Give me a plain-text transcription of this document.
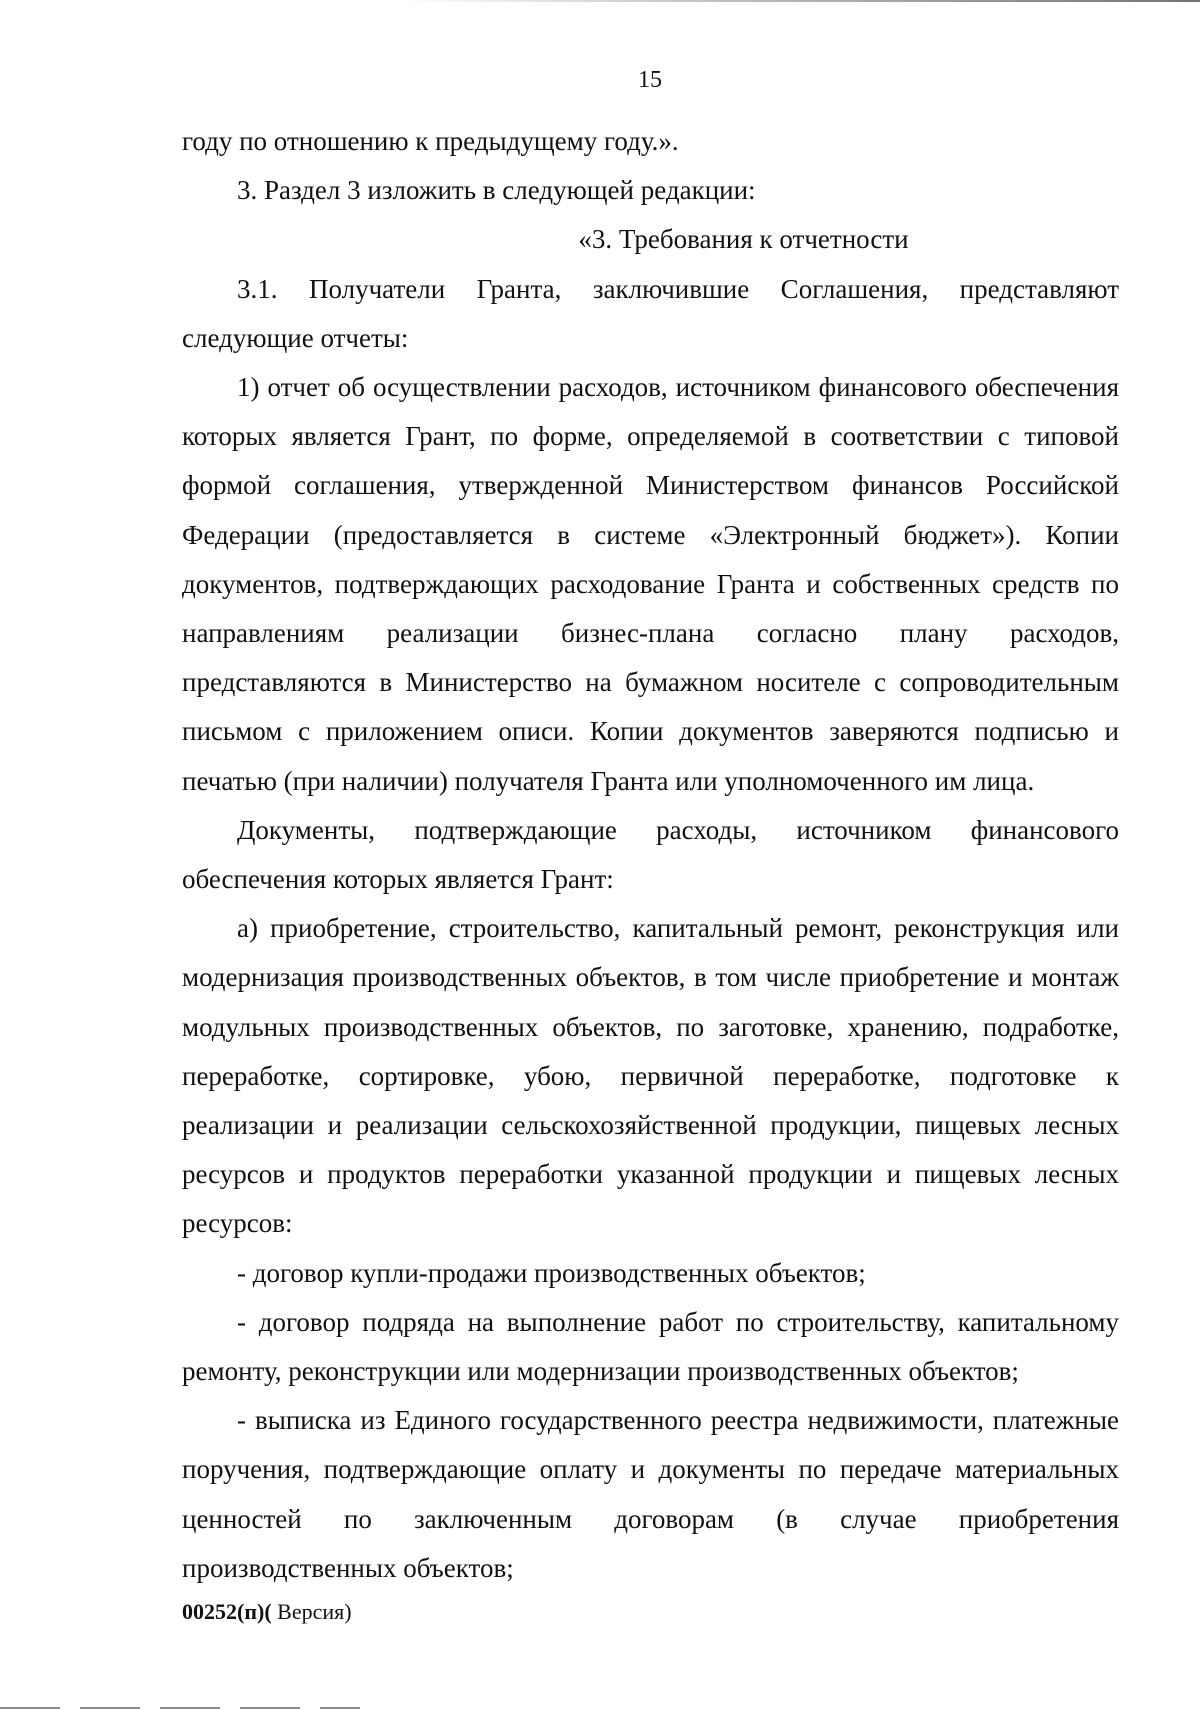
15

году по отношению к предыдущему году.».

3. Раздел 3 изложить в следующей редакции:

«3. Требования к отчетности

3.1. Получатели Гранта, заключившие Соглашения, представляют следующие отчеты:

1) отчет об осуществлении расходов, источником финансового обеспечения которых является Грант, по форме, определяемой в соответствии с типовой формой соглашения, утвержденной Министерством финансов Российской Федерации (предоставляется в системе «Электронный бюджет»). Копии документов, подтверждающих расходование Гранта и собственных средств по направлениям реализации бизнес-плана согласно плану расходов, представляются в Министерство на бумажном носителе с сопроводительным письмом с приложением описи. Копии документов заверяются подписью и печатью (при наличии) получателя Гранта или уполномоченного им лица.

Документы, подтверждающие расходы, источником финансового обеспечения которых является Грант:

а) приобретение, строительство, капитальный ремонт, реконструкция или модернизация производственных объектов, в том числе приобретение и монтаж модульных производственных объектов, по заготовке, хранению, подработке, переработке, сортировке, убою, первичной переработке, подготовке к реализации и реализации сельскохозяйственной продукции, пищевых лесных ресурсов и продуктов переработки указанной продукции и пищевых лесных ресурсов:

- договор купли-продажи производственных объектов;

- договор подряда на выполнение работ по строительству, капитальному ремонту, реконструкции или модернизации производственных объектов;

- выписка из Единого государственного реестра недвижимости, платежные поручения, подтверждающие оплату и документы по передаче материальных ценностей по заключенным договорам (в случае приобретения производственных объектов;

00252(п)( Версия)
